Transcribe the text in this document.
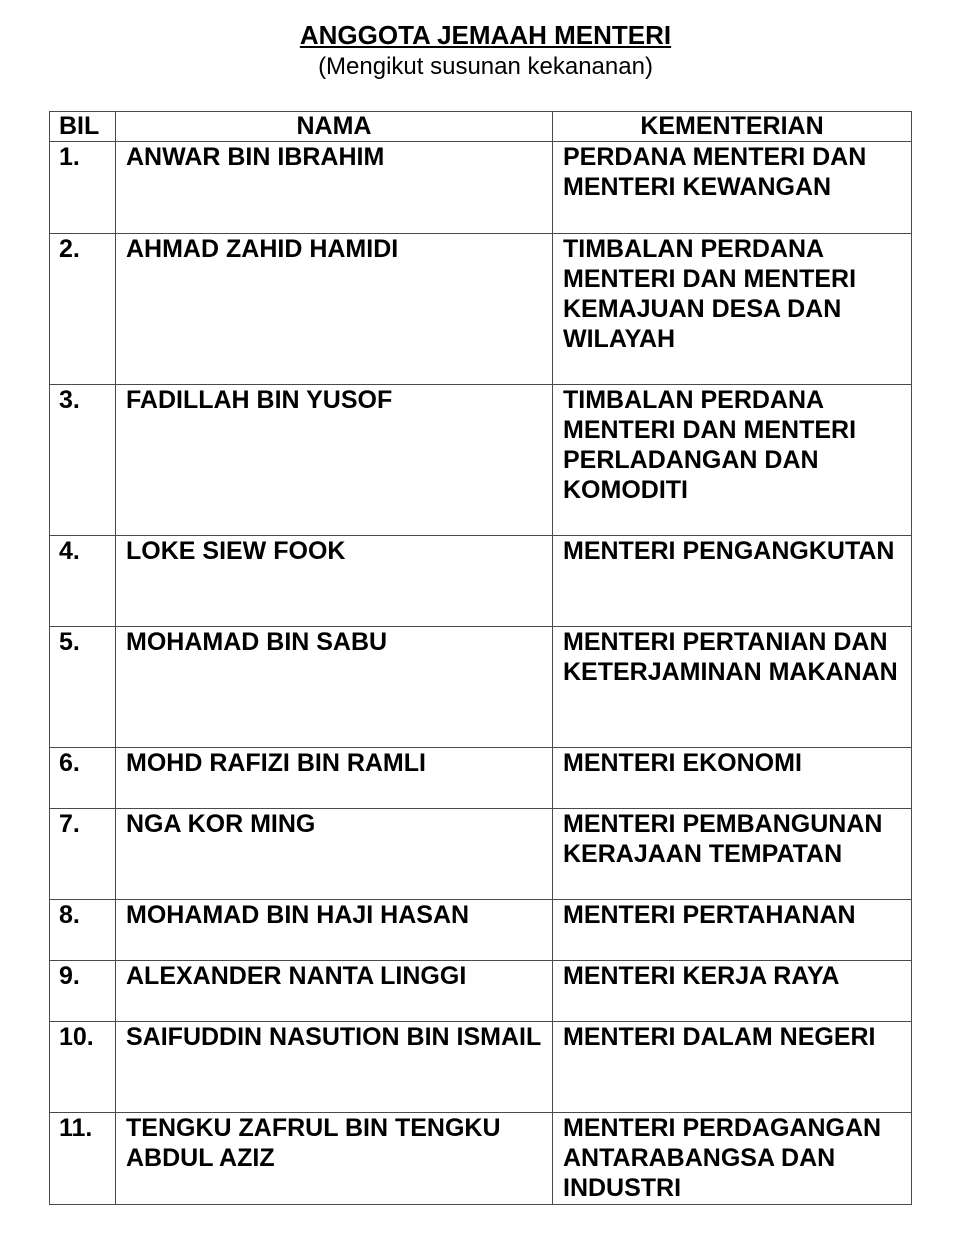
ANGGOTA JEMAAH MENTERI
(Mengikut susunan kekananan)
BIL	NAMA	KEMENTERIAN
1.	ANWAR BIN IBRAHIM	PERDANA MENTERI DAN MENTERI KEWANGAN
2.	AHMAD ZAHID HAMIDI	TIMBALAN PERDANA MENTERI DAN MENTERI KEMAJUAN DESA DAN WILAYAH
3.	FADILLAH BIN YUSOF	TIMBALAN PERDANA MENTERI DAN MENTERI PERLADANGAN DAN KOMODITI
4.	LOKE SIEW FOOK	MENTERI PENGANGKUTAN
5.	MOHAMAD BIN SABU	MENTERI PERTANIAN DAN KETERJAMINAN MAKANAN
6.	MOHD RAFIZI BIN RAMLI	MENTERI EKONOMI
7.	NGA KOR MING	MENTERI PEMBANGUNAN KERAJAAN TEMPATAN
8.	MOHAMAD BIN HAJI HASAN	MENTERI PERTAHANAN
9.	ALEXANDER NANTA LINGGI	MENTERI KERJA RAYA
10.	SAIFUDDIN NASUTION BIN ISMAIL	MENTERI DALAM NEGERI
11.	TENGKU ZAFRUL BIN TENGKU ABDUL AZIZ	MENTERI PERDAGANGAN ANTARABANGSA DAN INDUSTRI
